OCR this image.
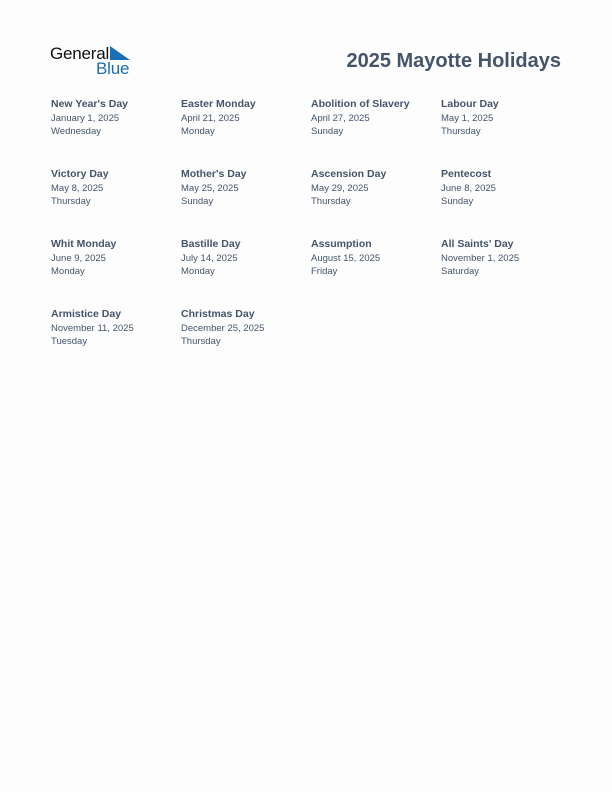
General
Blue	2025 Mayotte Holidays
New Year's Day
January 1, 2025
Wednesday
Easter Monday
April 21, 2025
Monday
Abolition of Slavery
April 27, 2025
Sunday
Labour Day
May 1, 2025
Thursday
Victory Day
May 8, 2025
Thursday
Mother's Day
May 25, 2025
Sunday
Ascension Day
May 29, 2025
Thursday
Pentecost
June 8, 2025
Sunday
Whit Monday
June 9, 2025
Monday
Bastille Day
July 14, 2025
Monday
Assumption
August 15, 2025
Friday
All Saints' Day
November 1, 2025
Saturday
Armistice Day
November 11, 2025
Tuesday
Christmas Day
December 25, 2025
Thursday
